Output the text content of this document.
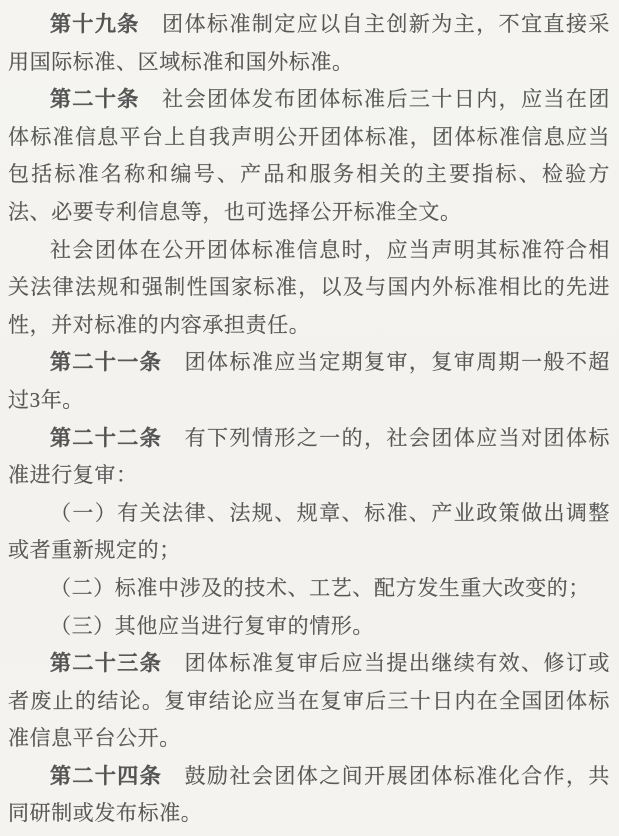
第十九条　团体标准制定应以自主创新为主，不宜直接采用国际标准、区域标准和国外标准。

第二十条　社会团体发布团体标准后三十日内，应当在团体标准信息平台上自我声明公开团体标准，团体标准信息应当包括标准名称和编号、产品和服务相关的主要指标、检验方法、必要专利信息等，也可选择公开标准全文。

社会团体在公开团体标准信息时，应当声明其标准符合相关法律法规和强制性国家标准，以及与国内外标准相比的先进性，并对标准的内容承担责任。

第二十一条　团体标准应当定期复审，复审周期一般不超过3年。

第二十二条　有下列情形之一的，社会团体应当对团体标准进行复审：

（一）有关法律、法规、规章、标准、产业政策做出调整或者重新规定的；

（二）标准中涉及的技术、工艺、配方发生重大改变的；

（三）其他应当进行复审的情形。

第二十三条　团体标准复审后应当提出继续有效、修订或者废止的结论。复审结论应当在复审后三十日内在全国团体标准信息平台公开。

第二十四条　鼓励社会团体之间开展团体标准化合作，共同研制或发布标准。
